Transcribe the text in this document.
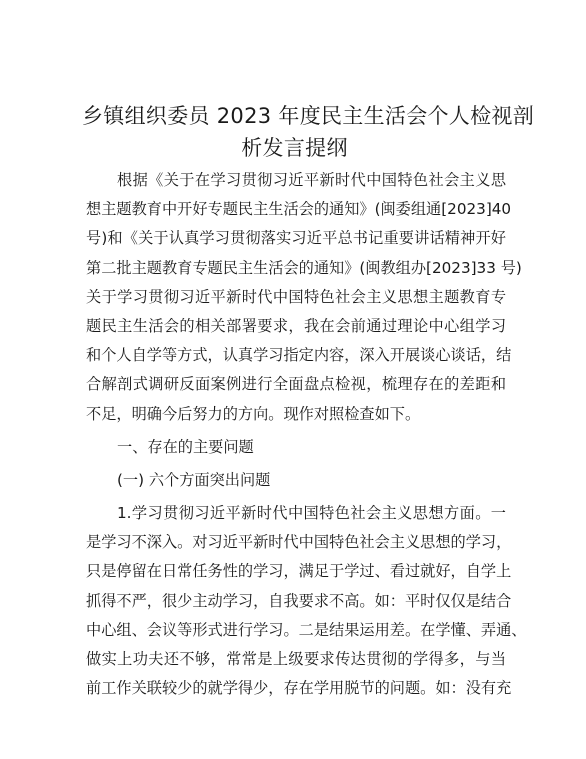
乡镇组织委员 2023 年度民主生活会个人检视剖
析发言提纲
根据《关于在学习贯彻习近平新时代中国特色社会主义思
想主题教育中开好专题民主生活会的通知》(闽委组通[2023]40
号)和《关于认真学习贯彻落实习近平总书记重要讲话精神开好
第二批主题教育专题民主生活会的通知》(闽教组办[2023]33 号)
关于学习贯彻习近平新时代中国特色社会主义思想主题教育专
题民主生活会的相关部署要求，我在会前通过理论中心组学习
和个人自学等方式，认真学习指定内容，深入开展谈心谈话，结
合解剖式调研反面案例进行全面盘点检视，梳理存在的差距和
不足，明确今后努力的方向。现作对照检查如下。
一、存在的主要问题
(一) 六个方面突出问题
1.学习贯彻习近平新时代中国特色社会主义思想方面。一
是学习不深入。对习近平新时代中国特色社会主义思想的学习，
只是停留在日常任务性的学习，满足于学过、看过就好，自学上
抓得不严，很少主动学习，自我要求不高。如：平时仅仅是结合
中心组、会议等形式进行学习。二是结果运用差。在学懂、弄通、
做实上功夫还不够，常常是上级要求传达贯彻的学得多，与当
前工作关联较少的就学得少，存在学用脱节的问题。如：没有充
